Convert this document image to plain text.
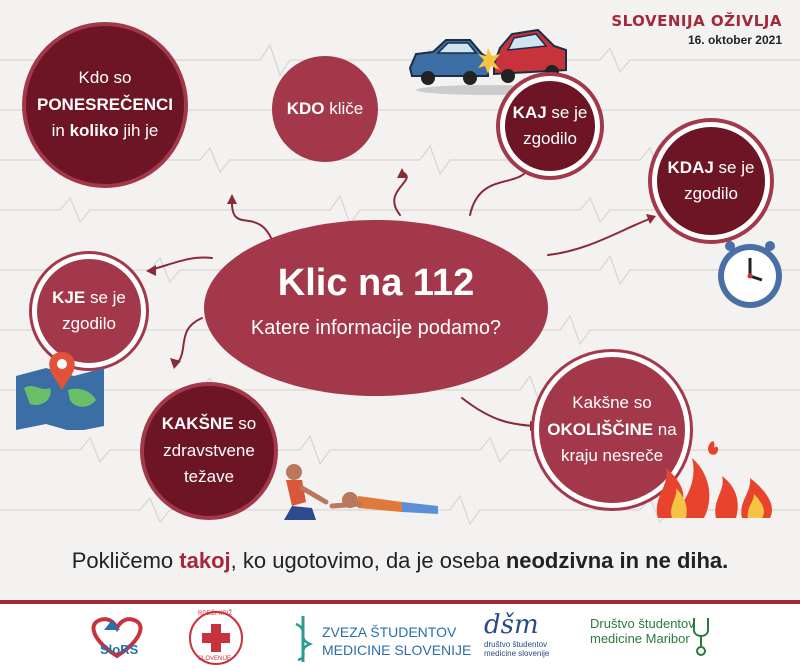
SLOVENIJA OŽIVLJA
16. oktober 2021
Kdo so
PONESREČENCI
in koliko jih je
KDO kliče	KAJ se je
zgodilo
KDAJ se je
zgodilo
KJE se je
zgodilo
Klic na 112
Katere informacije podamo?
KAKŠNE so
zdravstvene
težave
Kakšne so
OKOLIŠČINE na
kraju nesreče
Pokličemo takoj, ko ugotovimo, da je oseba neodzivna in ne diha.
SloRS
RDEČI KRIŽ
SLOVENIJE
ZVEZA ŠTUDENTOV
MEDICINE SLOVENIJE
dšm
društvo študentov
medicine slovenije
Društvo študentov
medicine Maribor
